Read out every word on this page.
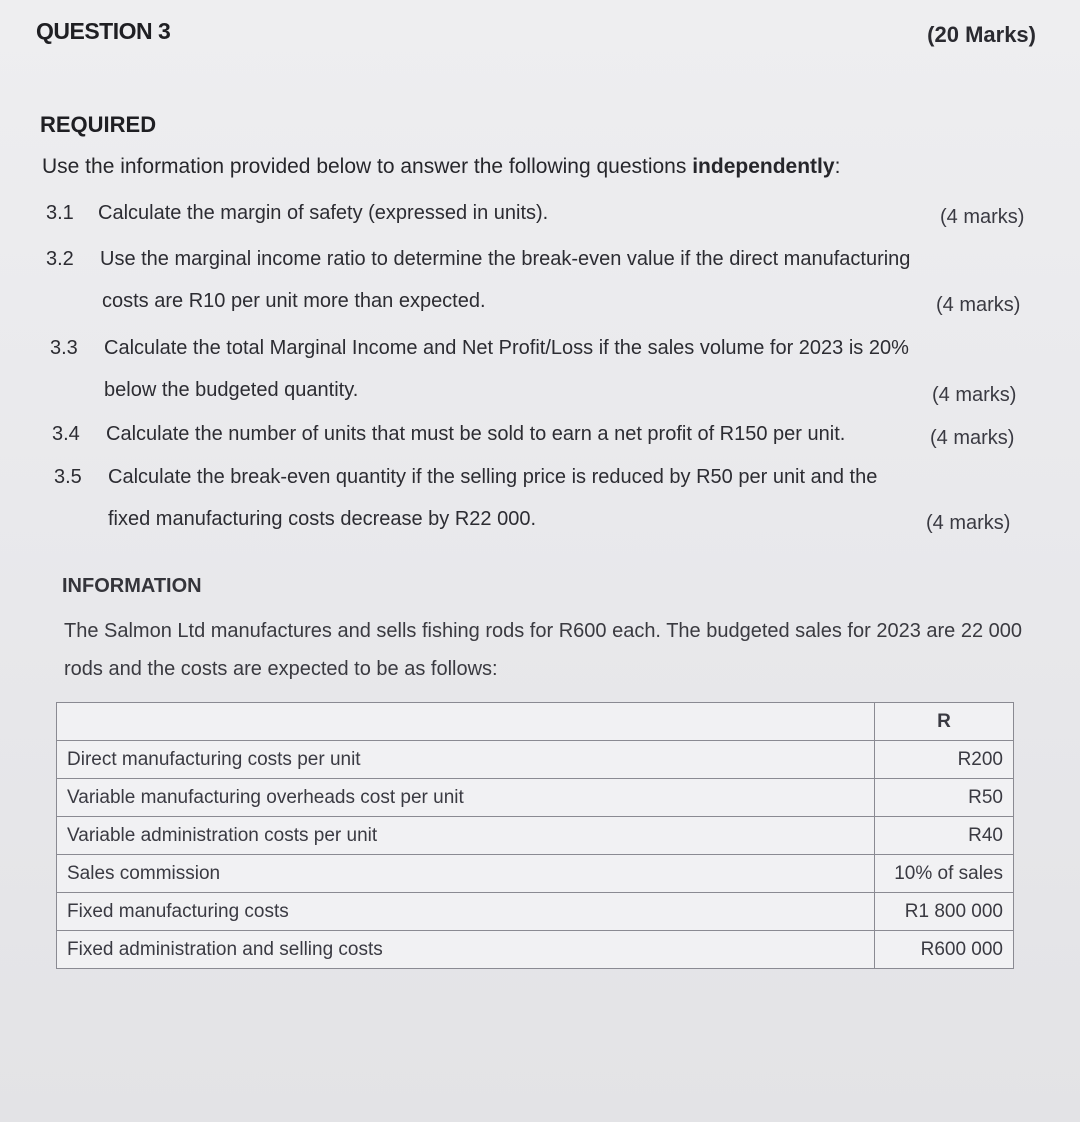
QUESTION 3	(20 Marks)
REQUIRED
Use the information provided below to answer the following questions independently:
3.1 Calculate the margin of safety (expressed in units).	(4 marks)
3.2 Use the marginal income ratio to determine the break-even value if the direct manufacturing
costs are R10 per unit more than expected.	(4 marks)
3.3 Calculate the total Marginal Income and Net Profit/Loss if the sales volume for 2023 is 20%
below the budgeted quantity.	(4 marks)
3.4 Calculate the number of units that must be sold to earn a net profit of R150 per unit.	(4 marks)
3.5 Calculate the break-even quantity if the selling price is reduced by R50 per unit and the
fixed manufacturing costs decrease by R22 000.	(4 marks)
INFORMATION
The Salmon Ltd manufactures and sells fishing rods for R600 each. The budgeted sales for 2023 are 22 000
rods and the costs are expected to be as follows:
	R
Direct manufacturing costs per unit	R200
Variable manufacturing overheads cost per unit	R50
Variable administration costs per unit	R40
Sales commission	10% of sales
Fixed manufacturing costs	R1 800 000
Fixed administration and selling costs	R600 000
